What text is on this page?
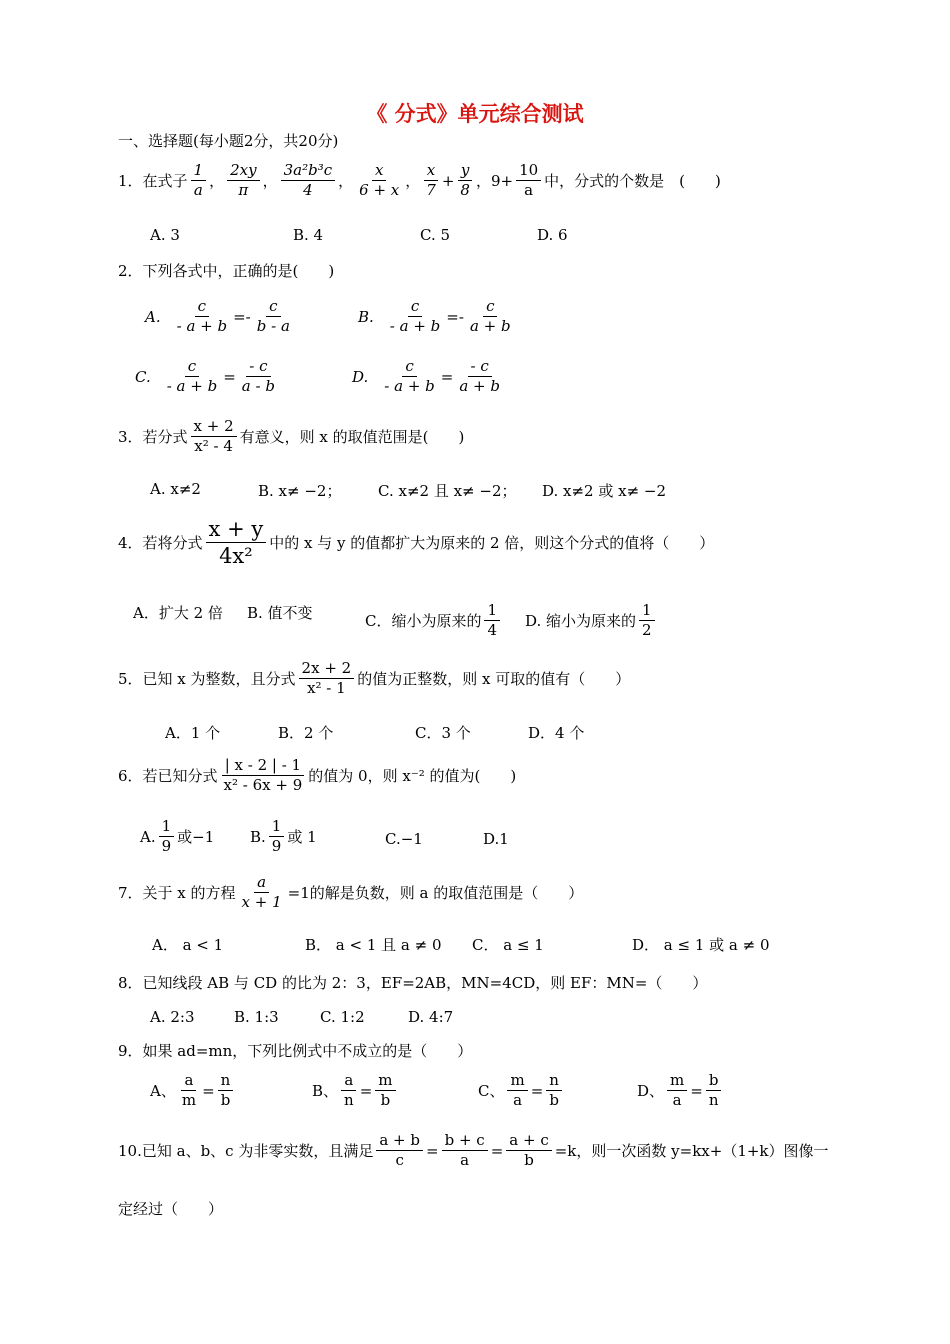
《 分式》单元综合测试
一、选择题(每小题2分，共20分)
1．在式子 $\frac{1}{a}$ ， $\frac{2xy}{\pi}$ ， $\frac{\text{3a²b³c}}{4}$ ， $\frac{x}{6 + x}$ ， $\frac{x}{7} + \frac{y}{8}$ ， $9+ \frac{10}{a}$ 中，分式的个数是　(　　)
A. 3	B. 4	C. 5	D. 6
2．下列各式中，正确的是(　　)
A. $\frac{c}{- a + b} =- \frac{c}{b - a}$	B. $\frac{c}{- a + b} =- \frac{c}{a + b}$
C. $\frac{c}{- a + b} = \frac{- c}{a - b}$	D. $\frac{c}{- a + b} = \frac{- c}{a + b}$
3．若分式 $\frac{x + 2}{\text{x² - 4}}$ 有意义，则 x 的取值范围是(　　)
A. x≠2	B. x≠ −2； C. x≠2 且 x≠ −2； D. x≠2 或 x≠ −2
4．若将分式 $\frac{x + y}{\text{4x²}}$ 中的 x 与 y 的值都扩大为原来的 2 倍，则这个分式的值将（　　）
A．扩大 2 倍 B. 值不变	C．缩小为原来的 $\frac{1}{4} D$. 缩小为原来的 $\frac{1}{2}$
5．已知 x 为整数，且分式 $\frac{2x + 2}{\text{x² - 1}}$ 的值为正整数，则 x 可取的值有（　　）
A．1 个	B．2 个	C．3 个	D．4 个
6．若已知分式 $\frac{| x - 2 | - 1}{\text{x² - 6x + 9}}$ 的值为 0，则 x⁻² 的值为(　　)
A. $\frac{1}{9}$ 或−1 B. $\frac{1}{9}$ 或 1	C.−1	D.1
7．关于 x 的方程 $\frac{a}{x + 1} =1$的解是负数，则 a 的取值范围是（　　）
A． a < 1	B． a < 1 且 a ≠ 0 C． a ≤ 1	D． a ≤ 1 或 a ≠ 0
8．已知线段 AB 与 CD 的比为 2：3，EF=2AB，MN=4CD，则 EF：MN=（　　）
A. 2:3	B. 1:3	C. 1:2	D. 4:7
9．如果 ad=mn，下列比例式中不成立的是（　　）
A、 $\frac{a}{m} = \frac{n}{b}$	B、 $\frac{a}{n} = \frac{m}{b}$	C、 $\frac{m}{a} = \frac{n}{b}$	D、 $\frac{m}{a} = \frac{b}{n}$
10.已知 a、b、c 为非零实数，且满足 $\frac{a + b}{c} = \frac{b + c}{a} = \frac{a + c}{b} =k$ ，则一次函数 y=kx+（1+k）图像一
定经过（　　）
